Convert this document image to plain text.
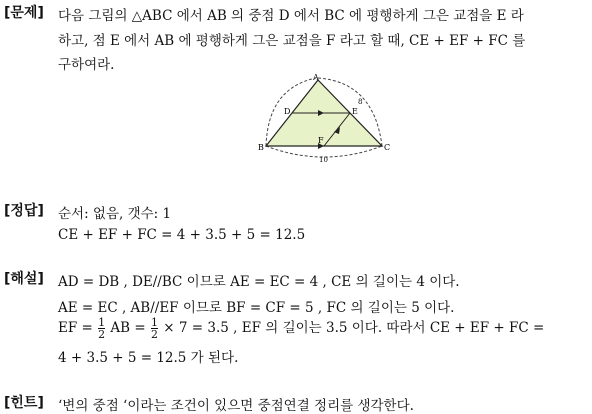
[문제] 다음 그림의 △ABC 에서 AB 의 중점 D 에서 BC 에 평행하게 그은 교점을 E 라
하고, 점 E 에서 AB 에 평행하게 그은 교점을 F 라고 할 때, CE + EF + FC 를
구하여라.
A
B	C
D	E
F
8
10
[정답] 순서: 없음, 갯수: 1
CE + EF + FC = 4 + 3.5 + 5 = 12.5
[해설] AD = DB , DE//BC 이므로 AE = EC = 4 , CE 의 길이는 4 이다.
AE = EC , AB//EF 이므로 BF = CF = 5 , FC 의 길이는 5 이다.
EF = $\frac{1}{2}$ AB = $\frac{1}{2} \times 7 = 3.5$ , EF 의 길이는 3.5 이다. 따라서 CE + EF + FC =
4 + 3.5 + 5 = 12.5 가 된다.
[힌트] ‘변의 중점 ‘이라는 조건이 있으면 중점연결 정리를 생각한다.
